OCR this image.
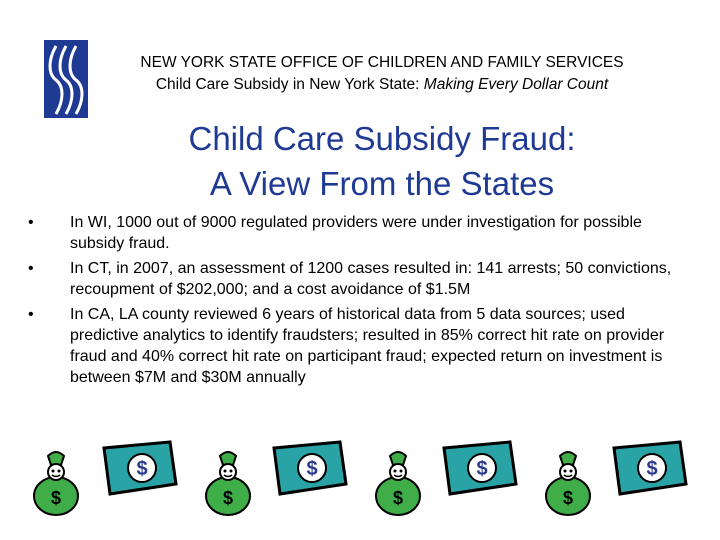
NEW YORK STATE OFFICE OF CHILDREN AND FAMILY SERVICES
Child Care Subsidy in New York State: Making Every Dollar Count
Child Care Subsidy Fraud:
A View From the States
•	In WI, 1000 out of 9000 regulated providers were under investigation for possible subsidy fraud.
•	In CT, in 2007, an assessment of 1200 cases resulted in: 141 arrests; 50 convictions, recoupment of $202,000; and a cost avoidance of $1.5M
•	In CA, LA county reviewed 6 years of historical data from 5 data sources; used predictive analytics to identify fraudsters; resulted in 85% correct hit rate on provider fraud and 40% correct hit rate on participant fraud; expected return on investment is between $7M and $30M annually
$
$
$
$
$
$
$
$
